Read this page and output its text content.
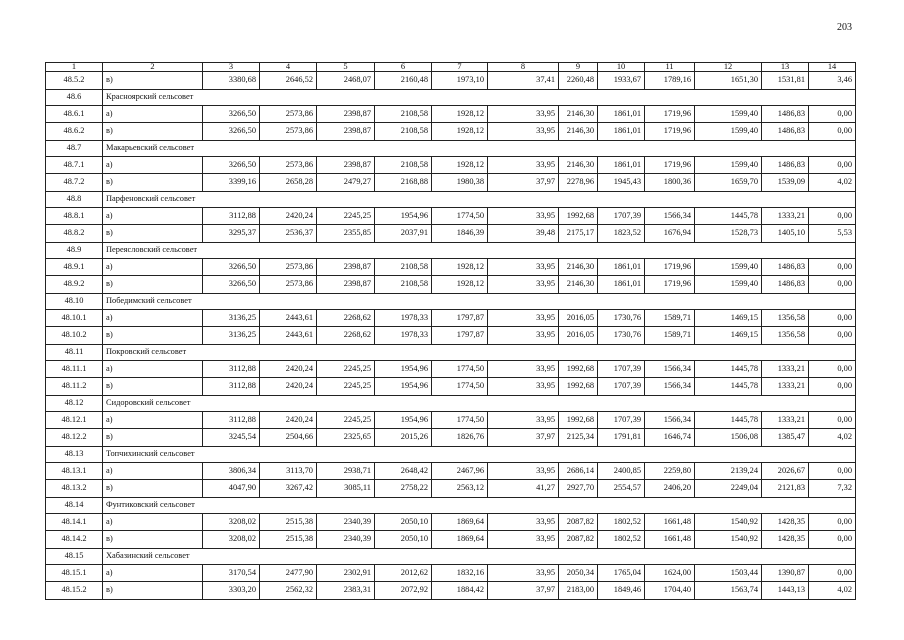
203
1	2	3	4	5	6	7	8	9	10	11	12	13	14
48.5.2	в)	3380,68	2646,52	2468,07	2160,48	1973,10	37,41	2260,48	1933,67	1789,16	1651,30	1531,81	3,46
48.6	Красноярский сельсовет												
48.6.1	а)	3266,50	2573,86	2398,87	2108,58	1928,12	33,95	2146,30	1861,01	1719,96	1599,40	1486,83	0,00
48.6.2	в)	3266,50	2573,86	2398,87	2108,58	1928,12	33,95	2146,30	1861,01	1719,96	1599,40	1486,83	0,00
48.7	Макарьевский сельсовет												
48.7.1	а)	3266,50	2573,86	2398,87	2108,58	1928,12	33,95	2146,30	1861,01	1719,96	1599,40	1486,83	0,00
48.7.2	в)	3399,16	2658,28	2479,27	2168,88	1980,38	37,97	2278,96	1945,43	1800,36	1659,70	1539,09	4,02
48.8	Парфеновский сельсовет												
48.8.1	а)	3112,88	2420,24	2245,25	1954,96	1774,50	33,95	1992,68	1707,39	1566,34	1445,78	1333,21	0,00
48.8.2	в)	3295,37	2536,37	2355,85	2037,91	1846,39	39,48	2175,17	1823,52	1676,94	1528,73	1405,10	5,53
48.9	Переясловский сельсовет												
48.9.1	а)	3266,50	2573,86	2398,87	2108,58	1928,12	33,95	2146,30	1861,01	1719,96	1599,40	1486,83	0,00
48.9.2	в)	3266,50	2573,86	2398,87	2108,58	1928,12	33,95	2146,30	1861,01	1719,96	1599,40	1486,83	0,00
48.10	Победимский сельсовет												
48.10.1	а)	3136,25	2443,61	2268,62	1978,33	1797,87	33,95	2016,05	1730,76	1589,71	1469,15	1356,58	0,00
48.10.2	в)	3136,25	2443,61	2268,62	1978,33	1797,87	33,95	2016,05	1730,76	1589,71	1469,15	1356,58	0,00
48.11	Покровский сельсовет												
48.11.1	а)	3112,88	2420,24	2245,25	1954,96	1774,50	33,95	1992,68	1707,39	1566,34	1445,78	1333,21	0,00
48.11.2	в)	3112,88	2420,24	2245,25	1954,96	1774,50	33,95	1992,68	1707,39	1566,34	1445,78	1333,21	0,00
48.12	Сидоровский сельсовет												
48.12.1	а)	3112,88	2420,24	2245,25	1954,96	1774,50	33,95	1992,68	1707,39	1566,34	1445,78	1333,21	0,00
48.12.2	в)	3245,54	2504,66	2325,65	2015,26	1826,76	37,97	2125,34	1791,81	1646,74	1506,08	1385,47	4,02
48.13	Топчихинский сельсовет												
48.13.1	а)	3806,34	3113,70	2938,71	2648,42	2467,96	33,95	2686,14	2400,85	2259,80	2139,24	2026,67	0,00
48.13.2	в)	4047,90	3267,42	3085,11	2758,22	2563,12	41,27	2927,70	2554,57	2406,20	2249,04	2121,83	7,32
48.14	Фунтиковский сельсовет												
48.14.1	а)	3208,02	2515,38	2340,39	2050,10	1869,64	33,95	2087,82	1802,52	1661,48	1540,92	1428,35	0,00
48.14.2	в)	3208,02	2515,38	2340,39	2050,10	1869,64	33,95	2087,82	1802,52	1661,48	1540,92	1428,35	0,00
48.15	Хабазинский сельсовет												
48.15.1	а)	3170,54	2477,90	2302,91	2012,62	1832,16	33,95	2050,34	1765,04	1624,00	1503,44	1390,87	0,00
48.15.2	в)	3303,20	2562,32	2383,31	2072,92	1884,42	37,97	2183,00	1849,46	1704,40	1563,74	1443,13	4,02
